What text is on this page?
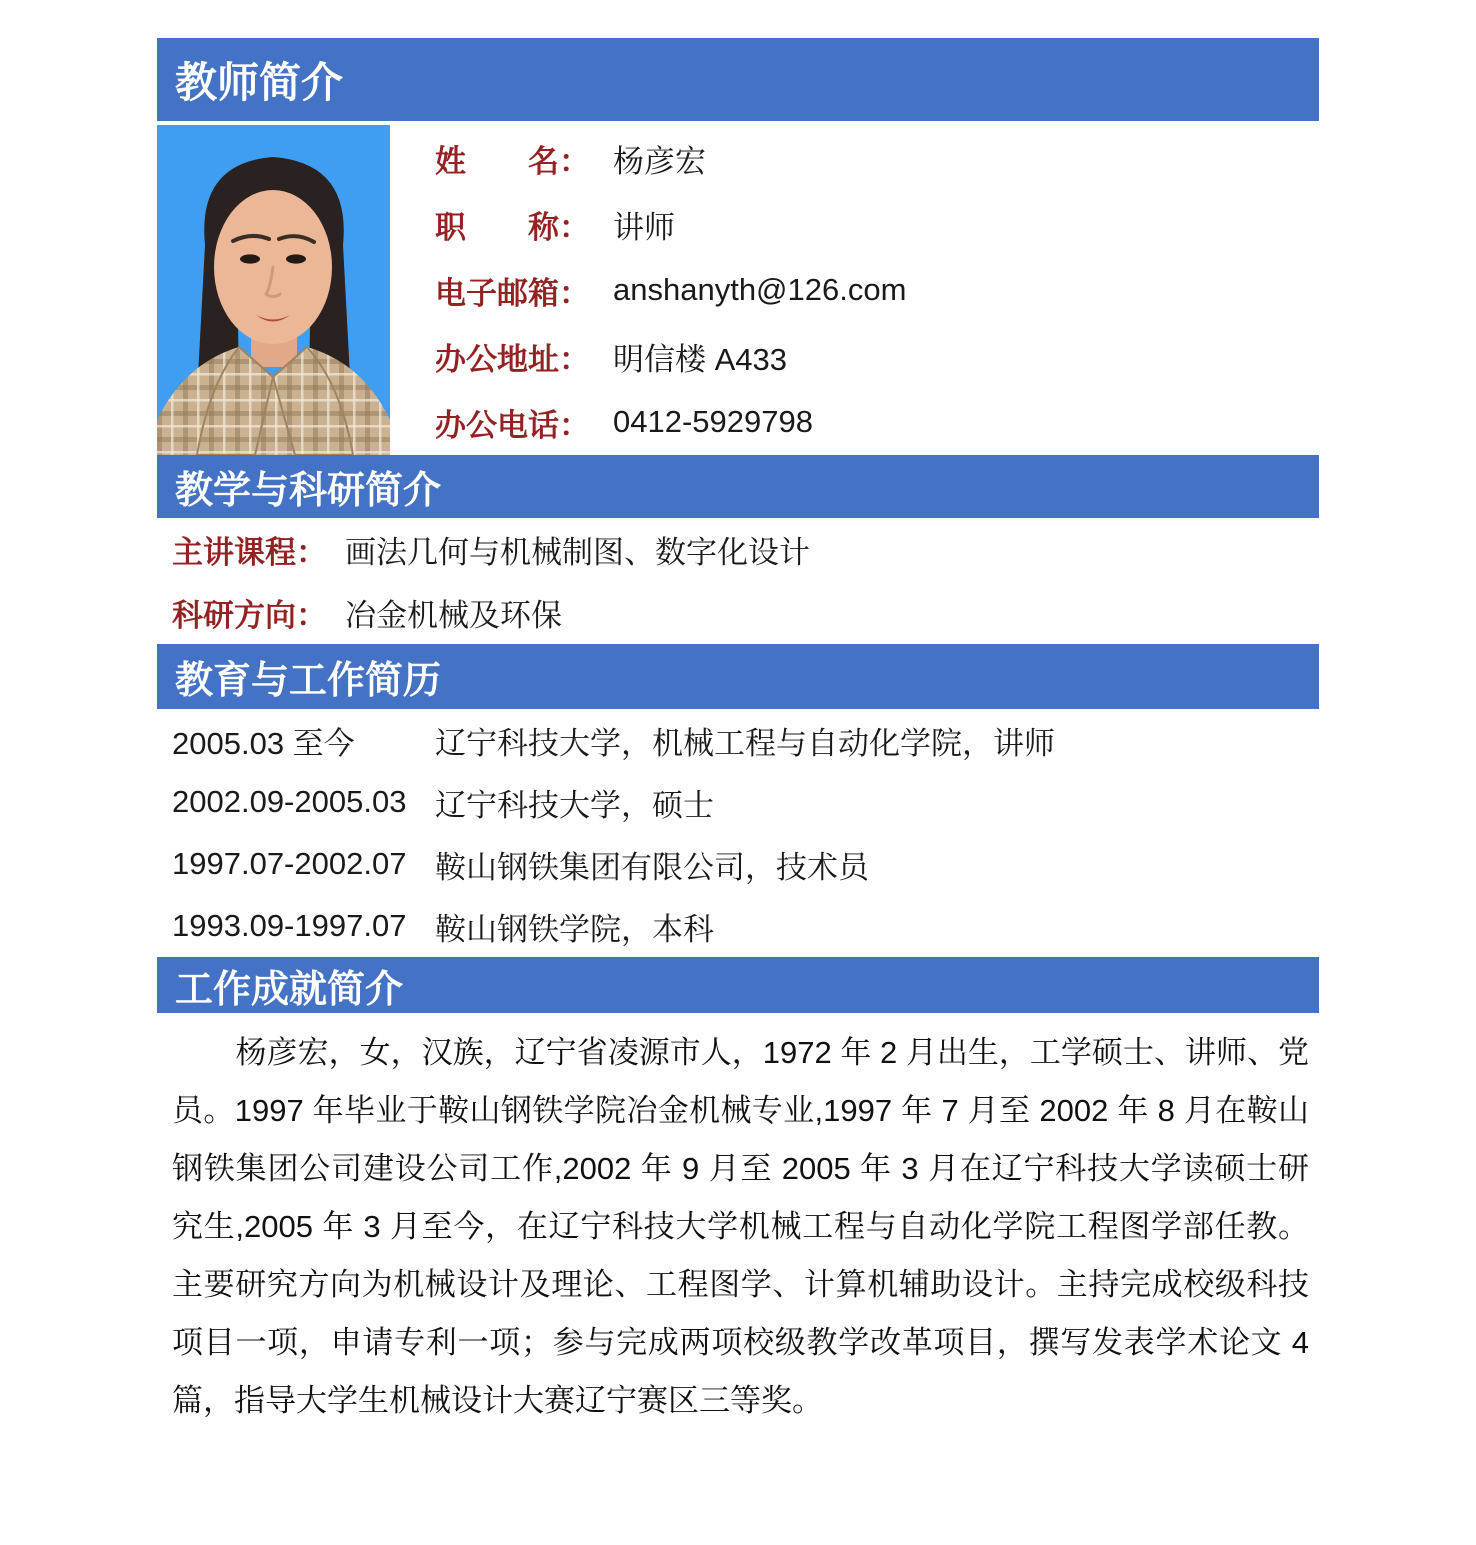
教师简介
姓　　名： 杨彦宏
职　　称： 讲师
电子邮箱： anshanyth@126.com
办公地址： 明信楼 A433
办公电话： 0412-5929798
教学与科研简介
主讲课程： 画法几何与机械制图、数字化设计
科研方向： 冶金机械及环保
教育与工作简历
2005.03 至今	辽宁科技大学，机械工程与自动化学院，讲师
2002.09-2005.03 辽宁科技大学，硕士
1997.07-2002.07 鞍山钢铁集团有限公司，技术员
1993.09-1997.07 鞍山钢铁学院，本科
工作成就简介

杨彦宏，女，汉族，辽宁省凌源市人，1972 年 2 月出生，工学硕士、讲师、党员。1997 年毕业于鞍山钢铁学院冶金机械专业,1997 年 7 月至 2002 年 8 月在鞍山钢铁集团公司建设公司工作,2002 年 9 月至 2005 年 3 月在辽宁科技大学读硕士研究生,2005 年 3 月至今，在辽宁科技大学机械工程与自动化学院工程图学部任教。主要研究方向为机械设计及理论、工程图学、计算机辅助设计。主持完成校级科技项目一项，申请专利一项；参与完成两项校级教学改革项目，撰写发表学术论文 4 篇，指导大学生机械设计大赛辽宁赛区三等奖。
